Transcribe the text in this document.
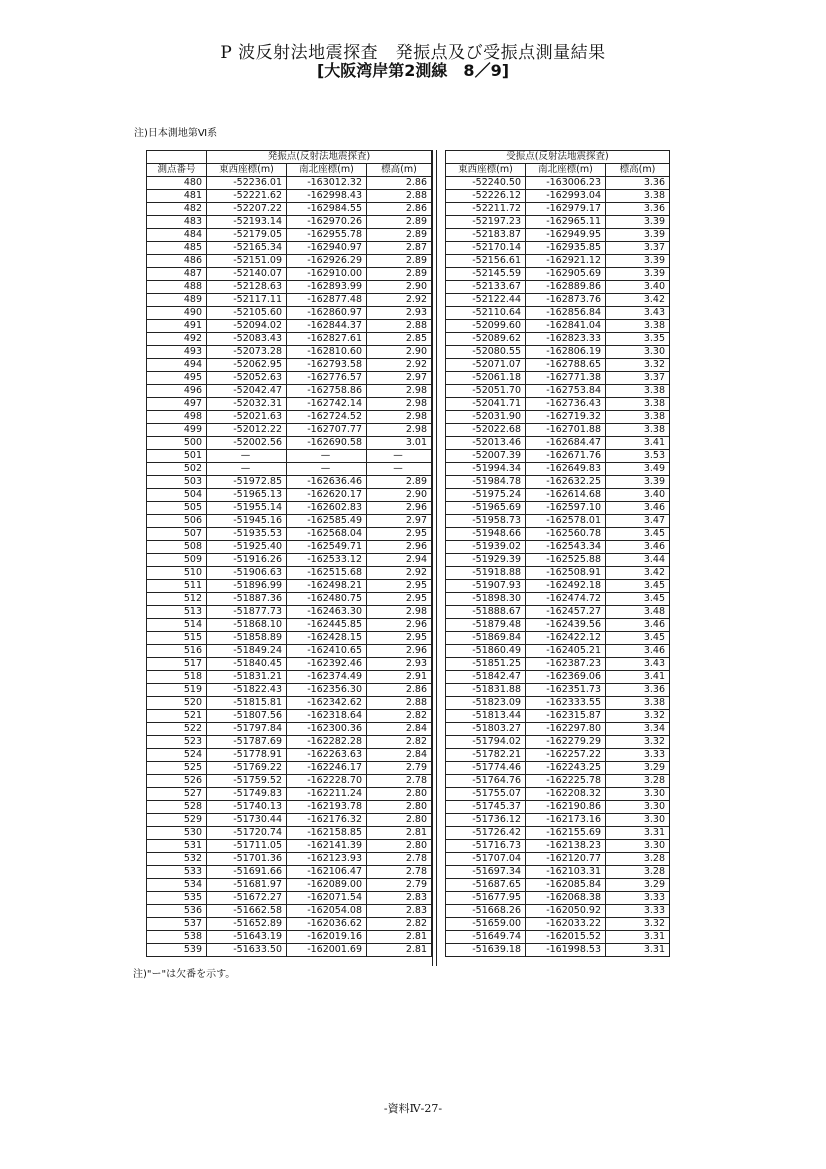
P 波反射法地震探査　発振点及び受振点測量結果
[大阪湾岸第2測線　8／9]
注)日本測地第Ⅵ系
	発振点(反射法地震探査)		
測点番号	東西座標(m)	南北座標(m)	標高(m)
480	-52236.01	-163012.32	2.86
481	-52221.62	-162998.43	2.88
482	-52207.22	-162984.55	2.86
483	-52193.14	-162970.26	2.89
484	-52179.05	-162955.78	2.89
485	-52165.34	-162940.97	2.87
486	-52151.09	-162926.29	2.89
487	-52140.07	-162910.00	2.89
488	-52128.63	-162893.99	2.90
489	-52117.11	-162877.48	2.92
490	-52105.60	-162860.97	2.93
491	-52094.02	-162844.37	2.88
492	-52083.43	-162827.61	2.85
493	-52073.28	-162810.60	2.90
494	-52062.95	-162793.58	2.92
495	-52052.63	-162776.57	2.97
496	-52042.47	-162758.86	2.98
497	-52032.31	-162742.14	2.98
498	-52021.63	-162724.52	2.98
499	-52012.22	-162707.77	2.98
500	-52002.56	-162690.58	3.01
501	—	—	—
502	—	—	—
503	-51972.85	-162636.46	2.89
504	-51965.13	-162620.17	2.90
505	-51955.14	-162602.83	2.96
506	-51945.16	-162585.49	2.97
507	-51935.53	-162568.04	2.95
508	-51925.40	-162549.71	2.96
509	-51916.26	-162533.12	2.94
510	-51906.63	-162515.68	2.92
511	-51896.99	-162498.21	2.95
512	-51887.36	-162480.75	2.95
513	-51877.73	-162463.30	2.98
514	-51868.10	-162445.85	2.96
515	-51858.89	-162428.15	2.95
516	-51849.24	-162410.65	2.96
517	-51840.45	-162392.46	2.93
518	-51831.21	-162374.49	2.91
519	-51822.43	-162356.30	2.86
520	-51815.81	-162342.62	2.88
521	-51807.56	-162318.64	2.82
522	-51797.84	-162300.36	2.84
523	-51787.69	-162282.28	2.82
524	-51778.91	-162263.63	2.84
525	-51769.22	-162246.17	2.79
526	-51759.52	-162228.70	2.78
527	-51749.83	-162211.24	2.80
528	-51740.13	-162193.78	2.80
529	-51730.44	-162176.32	2.80
530	-51720.74	-162158.85	2.81
531	-51711.05	-162141.39	2.80
532	-51701.36	-162123.93	2.78
533	-51691.66	-162106.47	2.78
534	-51681.97	-162089.00	2.79
535	-51672.27	-162071.54	2.83
536	-51662.58	-162054.08	2.83
537	-51652.89	-162036.62	2.82
538	-51643.19	-162019.16	2.81
539	-51633.50	-162001.69	2.81
受振点(反射法地震探査)		
東西座標(m)	南北座標(m)	標高(m)
-52240.50	-163006.23	3.36
-52226.12	-162993.04	3.38
-52211.72	-162979.17	3.36
-52197.23	-162965.11	3.39
-52183.87	-162949.95	3.39
-52170.14	-162935.85	3.37
-52156.61	-162921.12	3.39
-52145.59	-162905.69	3.39
-52133.67	-162889.86	3.40
-52122.44	-162873.76	3.42
-52110.64	-162856.84	3.43
-52099.60	-162841.04	3.38
-52089.62	-162823.33	3.35
-52080.55	-162806.19	3.30
-52071.07	-162788.65	3.32
-52061.18	-162771.38	3.37
-52051.70	-162753.84	3.38
-52041.71	-162736.43	3.38
-52031.90	-162719.32	3.38
-52022.68	-162701.88	3.38
-52013.46	-162684.47	3.41
-52007.39	-162671.76	3.53
-51994.34	-162649.83	3.49
-51984.78	-162632.25	3.39
-51975.24	-162614.68	3.40
-51965.69	-162597.10	3.46
-51958.73	-162578.01	3.47
-51948.66	-162560.78	3.45
-51939.02	-162543.34	3.46
-51929.39	-162525.88	3.44
-51918.88	-162508.91	3.42
-51907.93	-162492.18	3.45
-51898.30	-162474.72	3.45
-51888.67	-162457.27	3.48
-51879.48	-162439.56	3.46
-51869.84	-162422.12	3.45
-51860.49	-162405.21	3.46
-51851.25	-162387.23	3.43
-51842.47	-162369.06	3.41
-51831.88	-162351.73	3.36
-51823.09	-162333.55	3.38
-51813.44	-162315.87	3.32
-51803.27	-162297.80	3.34
-51794.02	-162279.29	3.32
-51782.21	-162257.22	3.33
-51774.46	-162243.25	3.29
-51764.76	-162225.78	3.28
-51755.07	-162208.32	3.30
-51745.37	-162190.86	3.30
-51736.12	-162173.16	3.30
-51726.42	-162155.69	3.31
-51716.73	-162138.23	3.30
-51707.04	-162120.77	3.28
-51697.34	-162103.31	3.28
-51687.65	-162085.84	3.29
-51677.95	-162068.38	3.33
-51668.26	-162050.92	3.33
-51659.00	-162033.22	3.32
-51649.74	-162015.52	3.31
-51639.18	-161998.53	3.31
注)"ー"は欠番を示す。
-資料Ⅳ-27-
